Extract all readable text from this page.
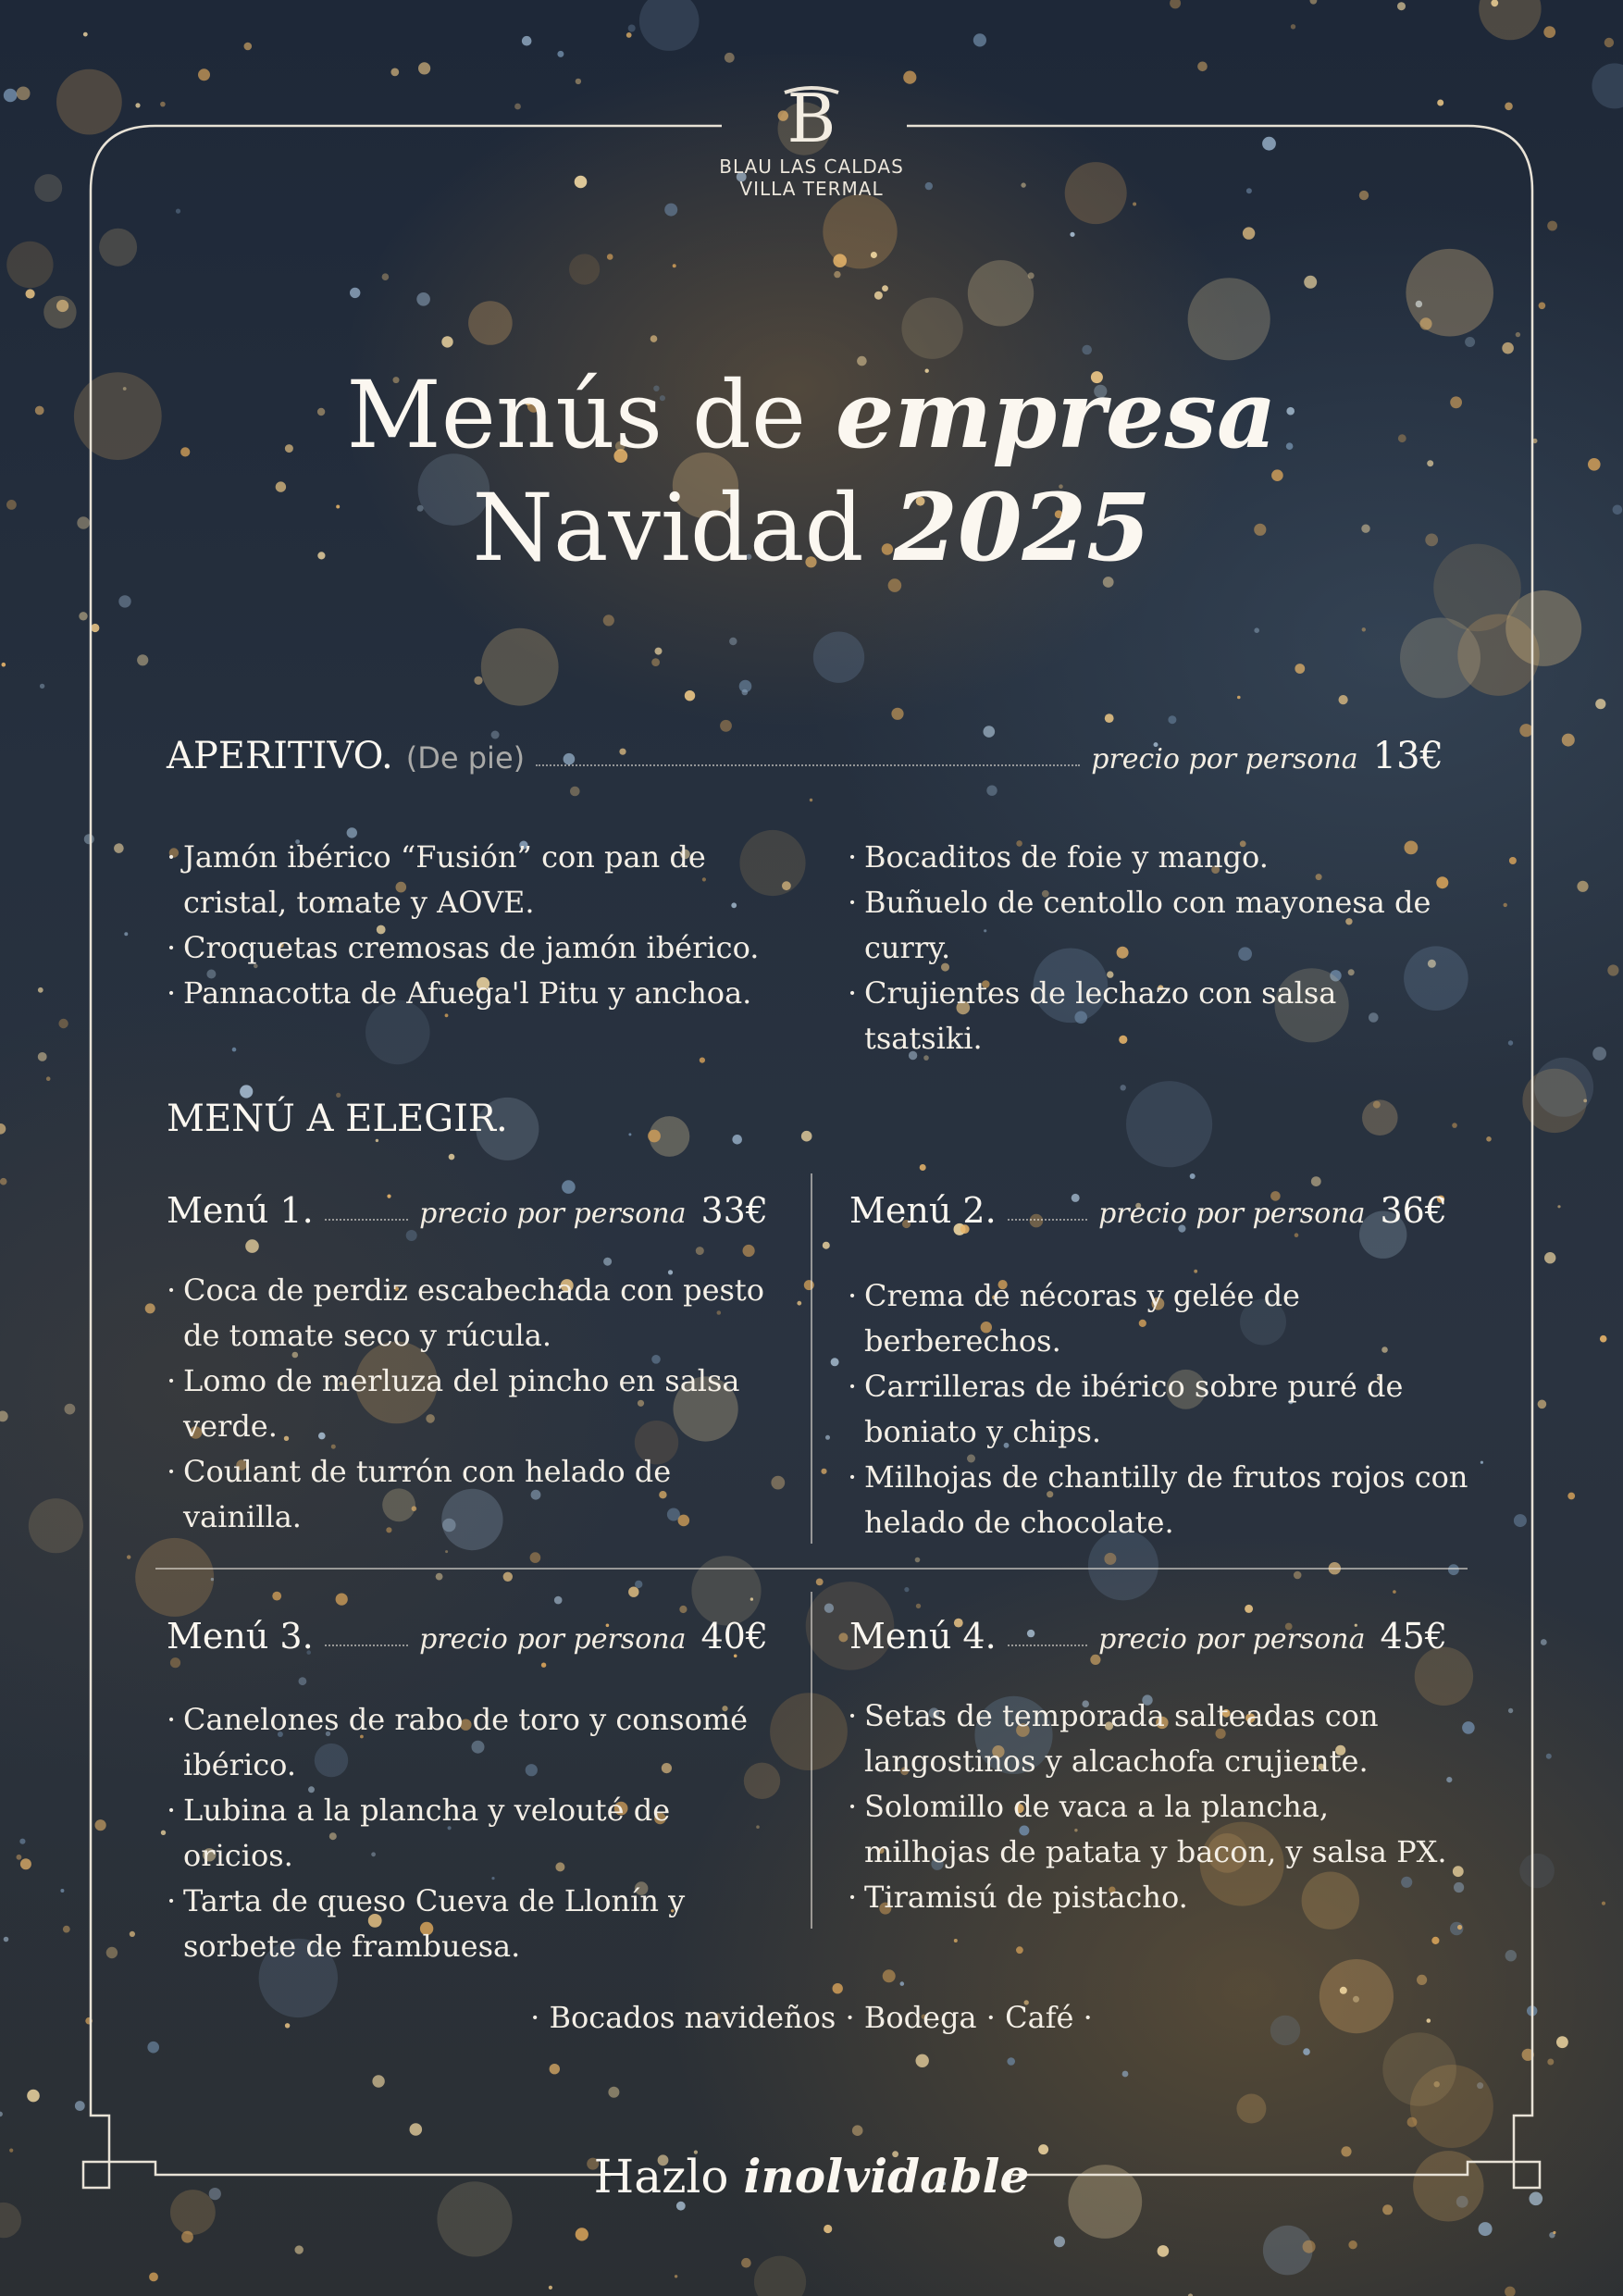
B
BLAU LAS CALDAS
VILLA TERMAL
Menús de empresa
Navidad 2025
APERITIVO. (De pie)	precio por persona 13€
· Jamón ibérico “Fusión” con pan de cristal, tomate y AOVE.
· Croquetas cremosas de jamón ibérico.
· Pannacotta de Afuega'l Pitu y anchoa.
· Bocaditos de foie y mango.
· Buñuelo de centollo con mayonesa de curry.
· Crujientes de lechazo con salsa tsatsiki.
MENÚ A ELEGIR.
Menú 1.	precio por persona 33€
· Coca de perdiz escabechada con pesto de tomate seco y rúcula.
· Lomo de merluza del pincho en salsa verde.
· Coulant de turrón con helado de vainilla.
Menú 2.	precio por persona 36€
· Crema de nécoras y gelée de berberechos.
· Carrilleras de ibérico sobre puré de boniato y chips.
· Milhojas de chantilly de frutos rojos con helado de chocolate.
Menú 3.	precio por persona 40€
· Canelones de rabo de toro y consomé ibérico.
· Lubina a la plancha y velouté de oricios.
· Tarta de queso Cueva de Llonín y sorbete de frambuesa.
Menú 4.	precio por persona 45€
· Setas de temporada salteadas con langostinos y alcachofa crujiente.
· Solomillo de vaca a la plancha, milhojas de patata y bacon, y salsa PX.
· Tiramisú de pistacho.
· Bocados navideños · Bodega · Café ·
Hazlo inolvidable
